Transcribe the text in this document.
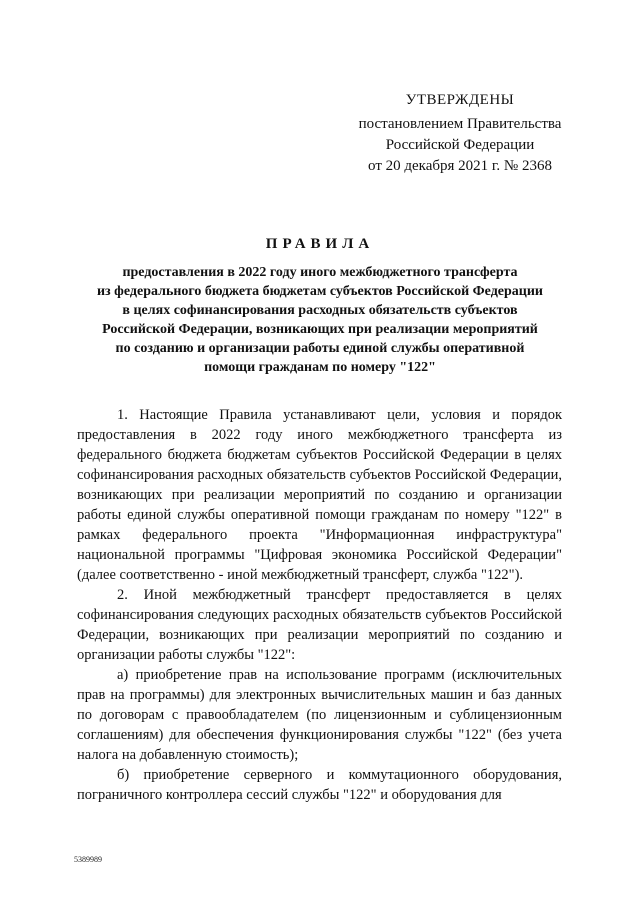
УТВЕРЖДЕНЫ
постановлением Правительства
Российской Федерации
от 20 декабря 2021 г. № 2368
ПРАВИЛА
предоставления в 2022 году иного межбюджетного трансферта
из федерального бюджета бюджетам субъектов Российской Федерации
в целях софинансирования расходных обязательств субъектов
Российской Федерации, возникающих при реализации мероприятий
по созданию и организации работы единой службы оперативной
помощи гражданам по номеру "122"

1. Настоящие Правила устанавливают цели, условия и порядок предоставления в 2022 году иного межбюджетного трансферта из федерального бюджета бюджетам субъектов Российской Федерации в целях софинансирования расходных обязательств субъектов Российской Федерации, возникающих при реализации мероприятий по созданию и организации работы единой службы оперативной помощи гражданам по номеру "122" в рамках федерального проекта "Информационная инфраструктура" национальной программы "Цифровая экономика Российской Федерации" (далее соответственно - иной межбюджетный трансферт, служба "122").

2. Иной межбюджетный трансферт предоставляется в целях софинансирования следующих расходных обязательств субъектов Российской Федерации, возникающих при реализации мероприятий по созданию и организации работы службы "122":

а) приобретение прав на использование программ (исключительных прав на программы) для электронных вычислительных машин и баз данных по договорам с правообладателем (по лицензионным и сублицензионным соглашениям) для обеспечения функционирования службы "122" (без учета налога на добавленную стоимость);

б) приобретение серверного и коммутационного оборудования, пограничного контроллера сессий службы "122" и оборудования для

5389989
